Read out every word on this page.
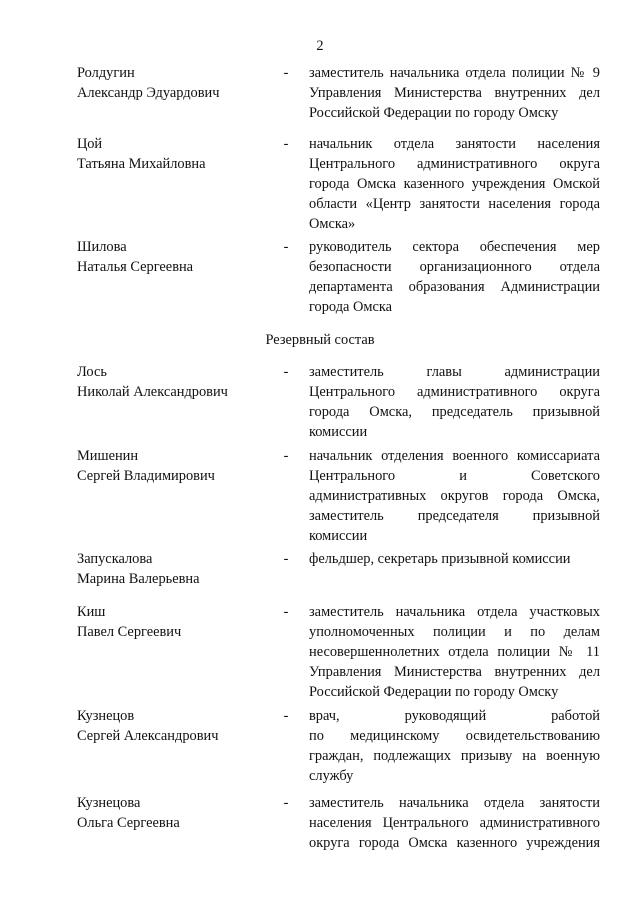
2
Ролдугин
Александр Эдуардович
- заместитель начальника отдела полиции № 9
Управления Министерства внутренних дел
Российской Федерации по городу Омску
Цой
Татьяна Михайловна
- начальник отдела занятости населения
Центрального административного округа
города Омска казенного учреждения Омской
области «Центр занятости населения города
Омска»
Шилова
Наталья Сергеевна
- руководитель сектора обеспечения мер
безопасности организационного отдела
департамента образования Администрации
города Омска
Резервный состав
Лось
Николай Александрович
- заместитель главы администрации
Центрального административного округа
города Омска, председатель призывной
комиссии
Мишенин
Сергей Владимирович
- начальник отделения военного комиссариата
Центрального и Советского
административных округов города Омска,
заместитель председателя призывной
комиссии
Запускалова
Марина Валерьевна
- фельдшер, секретарь призывной комиссии
Киш
Павел Сергеевич
- заместитель начальника отдела участковых
уполномоченных полиции и по делам
несовершеннолетних отдела полиции № 11
Управления Министерства внутренних дел
Российской Федерации по городу Омску
Кузнецов
Сергей Александрович
- врач, руководящий работой
по медицинскому освидетельствованию
граждан, подлежащих призыву на военную
службу
Кузнецова
Ольга Сергеевна
- заместитель начальника отдела занятости
населения Центрального административного
округа города Омска казенного учреждения
